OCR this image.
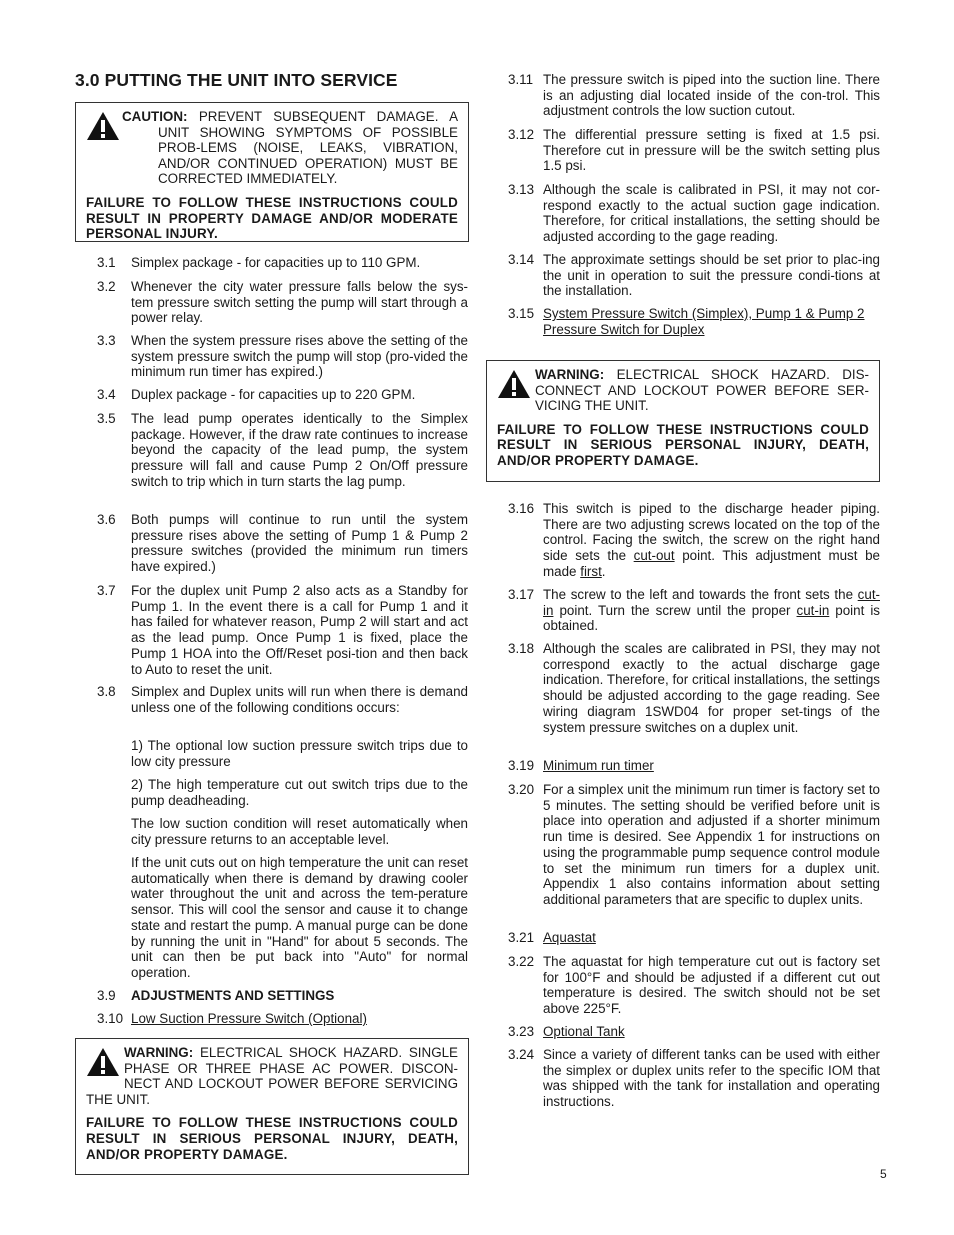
3.0 PUTTING THE UNIT INTO SERVICE

CAUTION: PREVENT SUBSEQUENT DAMAGE. A UNIT SHOWING SYMPTOMS OF POSSIBLE PROB-LEMS (NOISE, LEAKS, VIBRATION, AND/OR CONTINUED OPERATION) MUST BE CORRECTED IMMEDIATELY.

FAILURE TO FOLLOW THESE INSTRUCTIONS COULD RESULT IN PROPERTY DAMAGE AND/OR MODERATE PERSONAL INJURY.

3.1	Simplex package - for capacities up to 110 GPM.
3.2	Whenever the city water pressure falls below the sys-tem pressure switch setting the pump will start through a power relay.
3.3	When the system pressure rises above the setting of the system pressure switch the pump will stop (pro-vided the minimum run timer has expired.)
3.4	Duplex package - for capacities up to 220 GPM.
3.5	The lead pump operates identically to the Simplex package. However, if the draw rate continues to increase beyond the capacity of the lead pump, the system pressure will fall and cause Pump 2 On/Off pressure switch to trip which in turn starts the lag pump.
3.6	Both pumps will continue to run until the system pressure rises above the setting of Pump 1 & Pump 2 pressure switches (provided the minimum run timers have expired.)
3.7	For the duplex unit Pump 2 also acts as a Standby for Pump 1. In the event there is a call for Pump 1 and it has failed for whatever reason, Pump 2 will start and act as the lead pump. Once Pump 1 is fixed, place the Pump 1 HOA into the Off/Reset posi-tion and then back to Auto to reset the unit.
3.8	Simplex and Duplex units will run when there is demand unless one of the following conditions occurs:
3.9	ADJUSTMENTS AND SETTINGS
3.10 Low Suction Pressure Switch (Optional)

WARNING: ELECTRICAL SHOCK HAZARD. SINGLE PHASE OR THREE PHASE AC POWER. DISCON-NECT AND LOCKOUT POWER BEFORE SERVICING THE UNIT.

FAILURE TO FOLLOW THESE INSTRUCTIONS COULD RESULT IN SERIOUS PERSONAL INJURY, DEATH, AND/OR PROPERTY DAMAGE.

WARNING: ELECTRICAL SHOCK HAZARD. DIS-CONNECT AND LOCKOUT POWER BEFORE SER-VICING THE UNIT.

FAILURE TO FOLLOW THESE INSTRUCTIONS COULD RESULT IN SERIOUS PERSONAL INJURY, DEATH, AND/OR PROPERTY DAMAGE.

3.11 The pressure switch is piped into the suction line. There is an adjusting dial located inside of the con-trol. This adjustment controls the low suction cutout.
3.12 The differential pressure setting is fixed at 1.5 psi. Therefore cut in pressure will be the switch setting plus 1.5 psi.
3.13 Although the scale is calibrated in PSI, it may not cor-respond exactly to the actual suction gage indication. Therefore, for critical installations, the setting should be adjusted according to the gage reading.
3.14 The approximate settings should be set prior to plac-ing the unit in operation to suit the pressure condi-tions at the installation.
3.15 System Pressure Switch (Simplex), Pump 1 & Pump 2 Pressure Switch for Duplex
3.16 This switch is piped to the discharge header piping. There are two adjusting screws located on the top of the control. Facing the switch, the screw on the right hand side sets the cut-out point. This adjustment must be made first.
3.17 The screw to the left and towards the front sets the cut-in point. Turn the screw until the proper cut-in point is obtained.
3.18 Although the scales are calibrated in PSI, they may not correspond exactly to the actual discharge gage indication. Therefore, for critical installations, the settings should be adjusted according to the gage reading. See wiring diagram 1SWD04 for proper set-tings of the system pressure switches on a duplex unit.
3.19 Minimum run timer
3.20 For a simplex unit the minimum run timer is factory set to 5 minutes. The setting should be verified before unit is place into operation and adjusted if a shorter minimum run time is desired. See Appendix 1 for instructions on using the programmable pump sequence control module to set the minimum run timers for a duplex unit. Appendix 1 also contains information about setting additional parameters that are specific to duplex units.
3.21 Aquastat
3.22 The aquastat for high temperature cut out is factory set for 100°F and should be adjusted if a different cut out temperature is desired. The switch should not be set above 225°F.
3.23 Optional Tank
3.24 Since a variety of different tanks can be used with either the simplex or duplex units refer to the specific IOM that was shipped with the tank for installation and operating instructions.
5
1) The optional low suction pressure switch trips due to low city pressure
2) The high temperature cut out switch trips due to the pump deadheading.
The low suction condition will reset automatically when city pressure returns to an acceptable level.
If the unit cuts out on high temperature the unit can reset automatically when there is demand by drawing cooler water throughout the unit and across the tem-perature sensor. This will cool the sensor and cause it to change state and restart the pump. A manual purge can be done by running the unit in "Hand" for about 5 seconds. The unit can then be put back into "Auto" for normal operation.
